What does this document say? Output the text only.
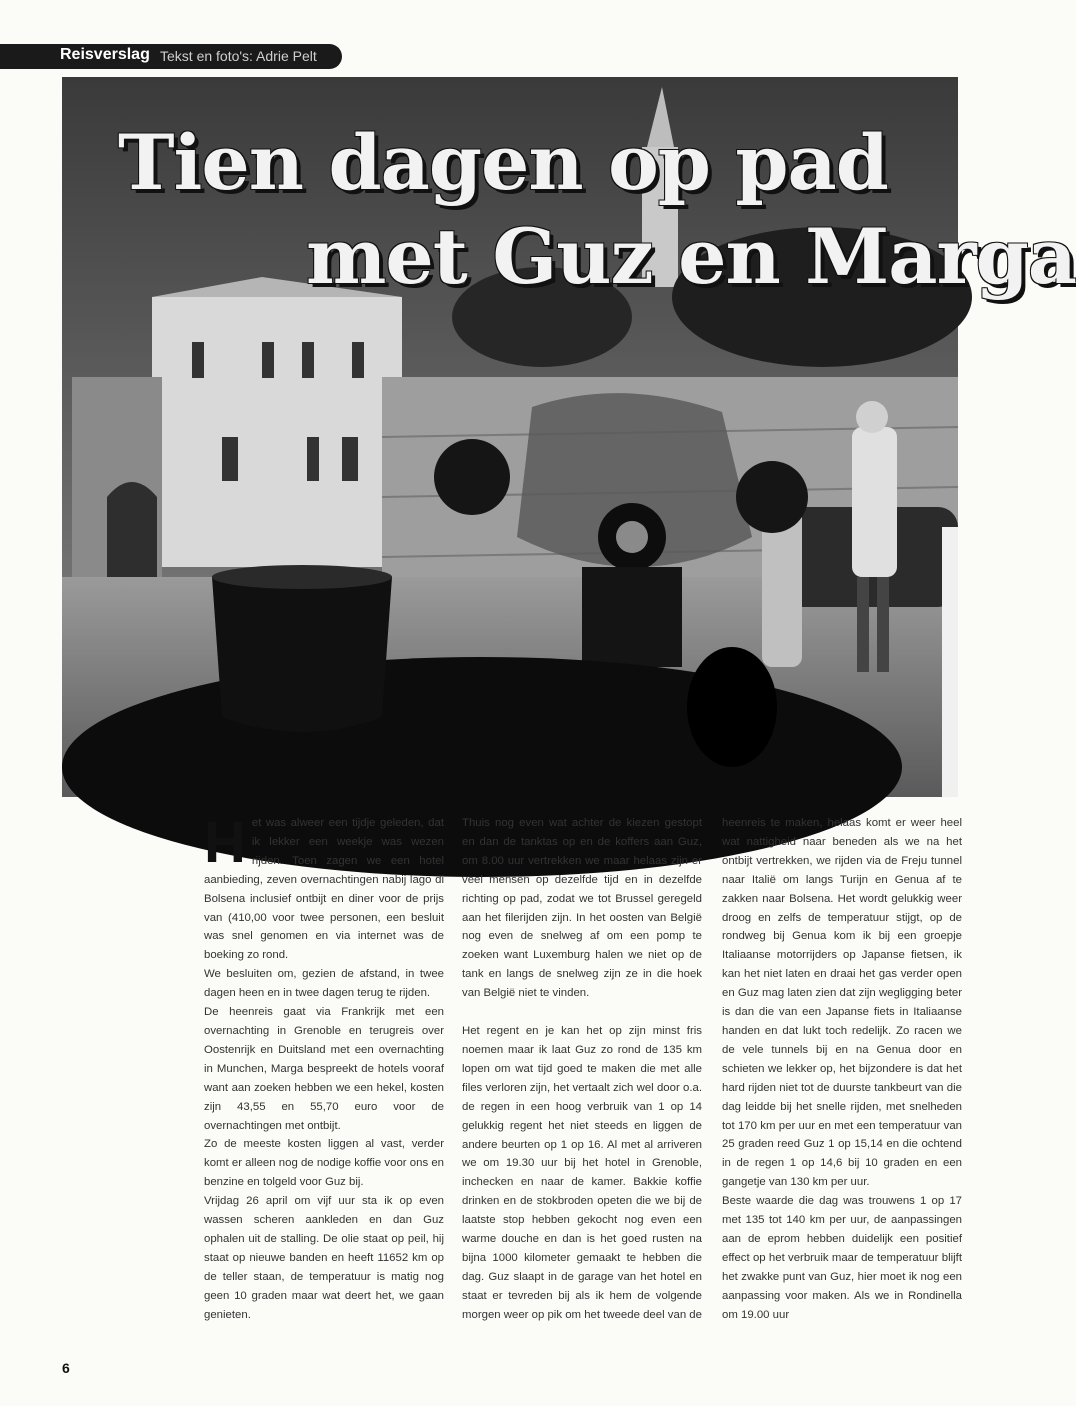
Reisverslag Tekst en foto's: Adrie Pelt
Tien dagen op pad
met Guz en Marga
H et was alweer een tijdje geleden, dat ik lekker een weekje was wezen rijden. Toen zagen we een hotel aanbieding, zeven overnachtingen nabij lago di Bolsena inclusief ontbijt en diner voor de prijs van (410,00 voor twee personen, een besluit was snel genomen en via internet was de boeking zo rond.

We besluiten om, gezien de afstand, in twee dagen heen en in twee dagen terug te rijden.

De heenreis gaat via Frankrijk met een overnachting in Grenoble en terugreis over Oostenrijk en Duitsland met een overnachting in Munchen, Marga bespreekt de hotels vooraf want aan zoeken hebben we een hekel, kosten zijn 43,55 en 55,70 euro voor de overnachtingen met ontbijt.

Zo de meeste kosten liggen al vast, verder komt er alleen nog de nodige koffie voor ons en benzine en tolgeld voor Guz bij.

Vrijdag 26 april om vijf uur sta ik op even wassen scheren aankleden en dan Guz ophalen uit de stalling. De olie staat op peil, hij staat op nieuwe banden en heeft 11652 km op de teller staan, de temperatuur is matig nog geen 10 graden maar wat deert het, we gaan genieten.

Thuis nog even wat achter de kiezen gestopt en dan de tanktas op en de koffers aan Guz, om 8.00 uur vertrekken we maar helaas zijn er veel mensen op dezelfde tijd en in dezelfde richting op pad, zodat we tot Brussel geregeld aan het filerijden zijn. In het oosten van België nog even de snelweg af om een pomp te zoeken want Luxemburg halen we niet op de tank en langs de snelweg zijn ze in die hoek van België niet te vinden.

Het regent en je kan het op zijn minst fris noemen maar ik laat Guz zo rond de 135 km lopen om wat tijd goed te maken die met alle files verloren zijn, het vertaalt zich wel door o.a. de regen in een hoog verbruik van 1 op 14 gelukkig regent het niet steeds en liggen de andere beurten op 1 op 16. Al met al arriveren we om 19.30 uur bij het hotel in Grenoble, inchecken en naar de kamer. Bakkie koffie drinken en de stokbroden opeten die we bij de laatste stop hebben gekocht nog even een warme douche en dan is het goed rusten na bijna 1000 kilometer gemaakt te hebben die dag. Guz slaapt in de garage van het hotel en staat er tevreden bij als ik hem de volgende morgen weer op pik om het tweede deel van de

heenreis te maken, helaas komt er weer heel wat nattigheid naar beneden als we na het ontbijt vertrekken, we rijden via de Freju tunnel naar Italië om langs Turijn en Genua af te zakken naar Bolsena. Het wordt gelukkig weer droog en zelfs de temperatuur stijgt, op de rondweg bij Genua kom ik bij een groepje Italiaanse motorrijders op Japanse fietsen, ik kan het niet laten en draai het gas verder open en Guz mag laten zien dat zijn wegligging beter is dan die van een Japanse fiets in Italiaanse handen en dat lukt toch redelijk. Zo racen we de vele tunnels bij en na Genua door en schieten we lekker op, het bijzondere is dat het hard rijden niet tot de duurste tankbeurt van die dag leidde bij het snelle rijden, met snelheden tot 170 km per uur en met een temperatuur van 25 graden reed Guz 1 op 15,14 en die ochtend in de regen 1 op 14,6 bij 10 graden en een gangetje van 130 km per uur.

Beste waarde die dag was trouwens 1 op 17 met 135 tot 140 km per uur, de aanpassingen aan de eprom hebben duidelijk een positief effect op het verbruik maar de temperatuur blijft het zwakke punt van Guz, hier moet ik nog een aanpassing voor maken. Als we in Rondinella om 19.00 uur

6
